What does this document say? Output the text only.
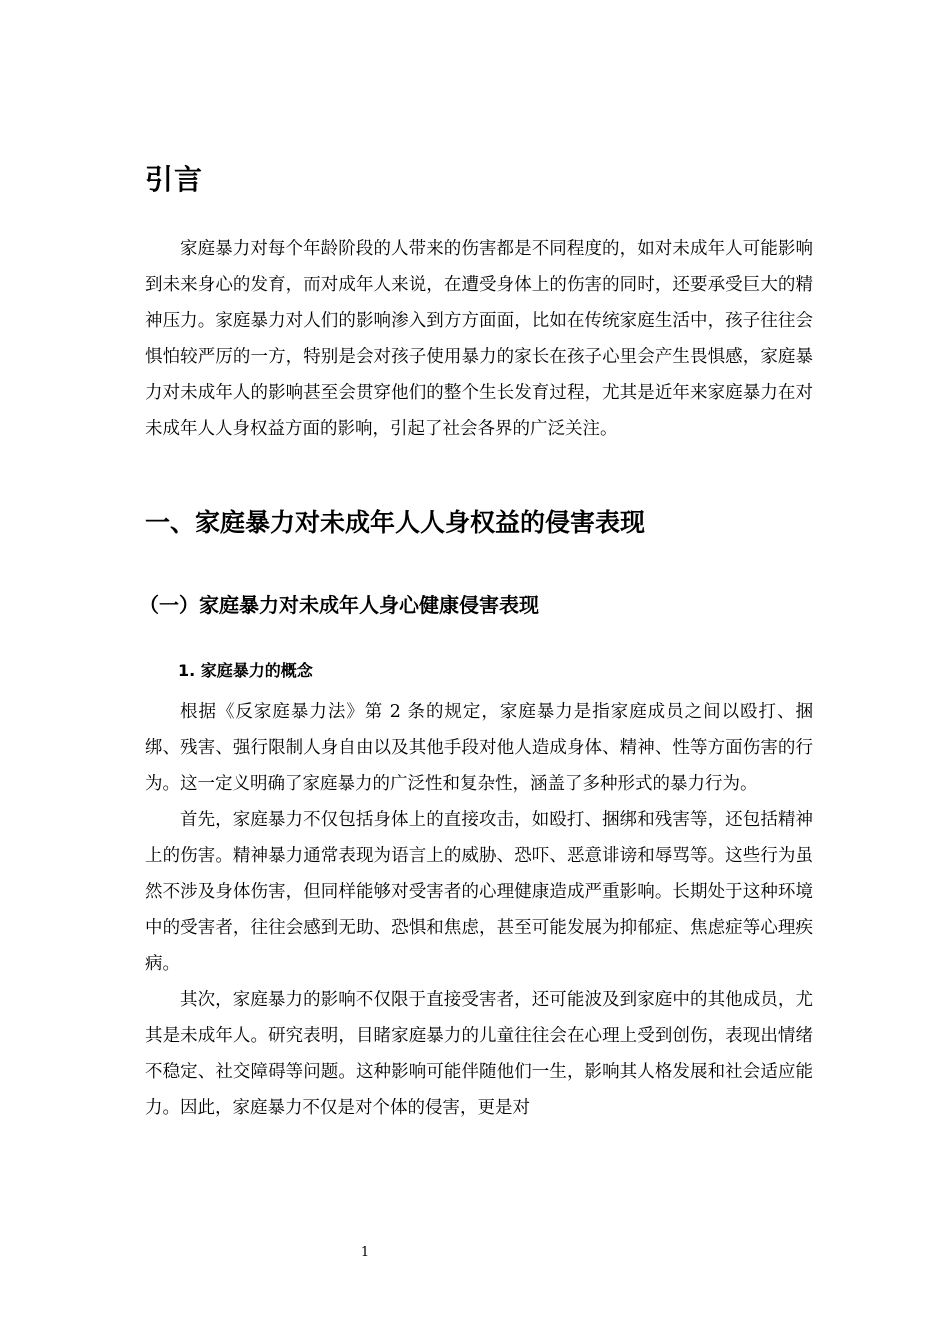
引言

家庭暴力对每个年龄阶段的人带来的伤害都是不同程度的，如对未成年人可能影响到未来身心的发育，而对成年人来说，在遭受身体上的伤害的同时，还要承受巨大的精神压力。家庭暴力对人们的影响渗入到方方面面，比如在传统家庭生活中，孩子往往会惧怕较严厉的一方，特别是会对孩子使用暴力的家长在孩子心里会产生畏惧感，家庭暴力对未成年人的影响甚至会贯穿他们的整个生长发育过程，尤其是近年来家庭暴力在对未成年人人身权益方面的影响，引起了社会各界的广泛关注。

一、家庭暴力对未成年人人身权益的侵害表现
（一）家庭暴力对未成年人身心健康侵害表现
1. 家庭暴力的概念

根据《反家庭暴力法》第 2 条的规定，家庭暴力是指家庭成员之间以殴打、捆绑、残害、强行限制人身自由以及其他手段对他人造成身体、精神、性等方面伤害的行为。这一定义明确了家庭暴力的广泛性和复杂性，涵盖了多种形式的暴力行为。

首先，家庭暴力不仅包括身体上的直接攻击，如殴打、捆绑和残害等，还包括精神上的伤害。精神暴力通常表现为语言上的威胁、恐吓、恶意诽谤和辱骂等。这些行为虽然不涉及身体伤害，但同样能够对受害者的心理健康造成严重影响。长期处于这种环境中的受害者，往往会感到无助、恐惧和焦虑，甚至可能发展为抑郁症、焦虑症等心理疾病。

其次，家庭暴力的影响不仅限于直接受害者，还可能波及到家庭中的其他成员，尤其是未成年人。研究表明，目睹家庭暴力的儿童往往会在心理上受到创伤，表现出情绪不稳定、社交障碍等问题。这种影响可能伴随他们一生，影响其人格发展和社会适应能力。因此，家庭暴力不仅是对个体的侵害，更是对

1
